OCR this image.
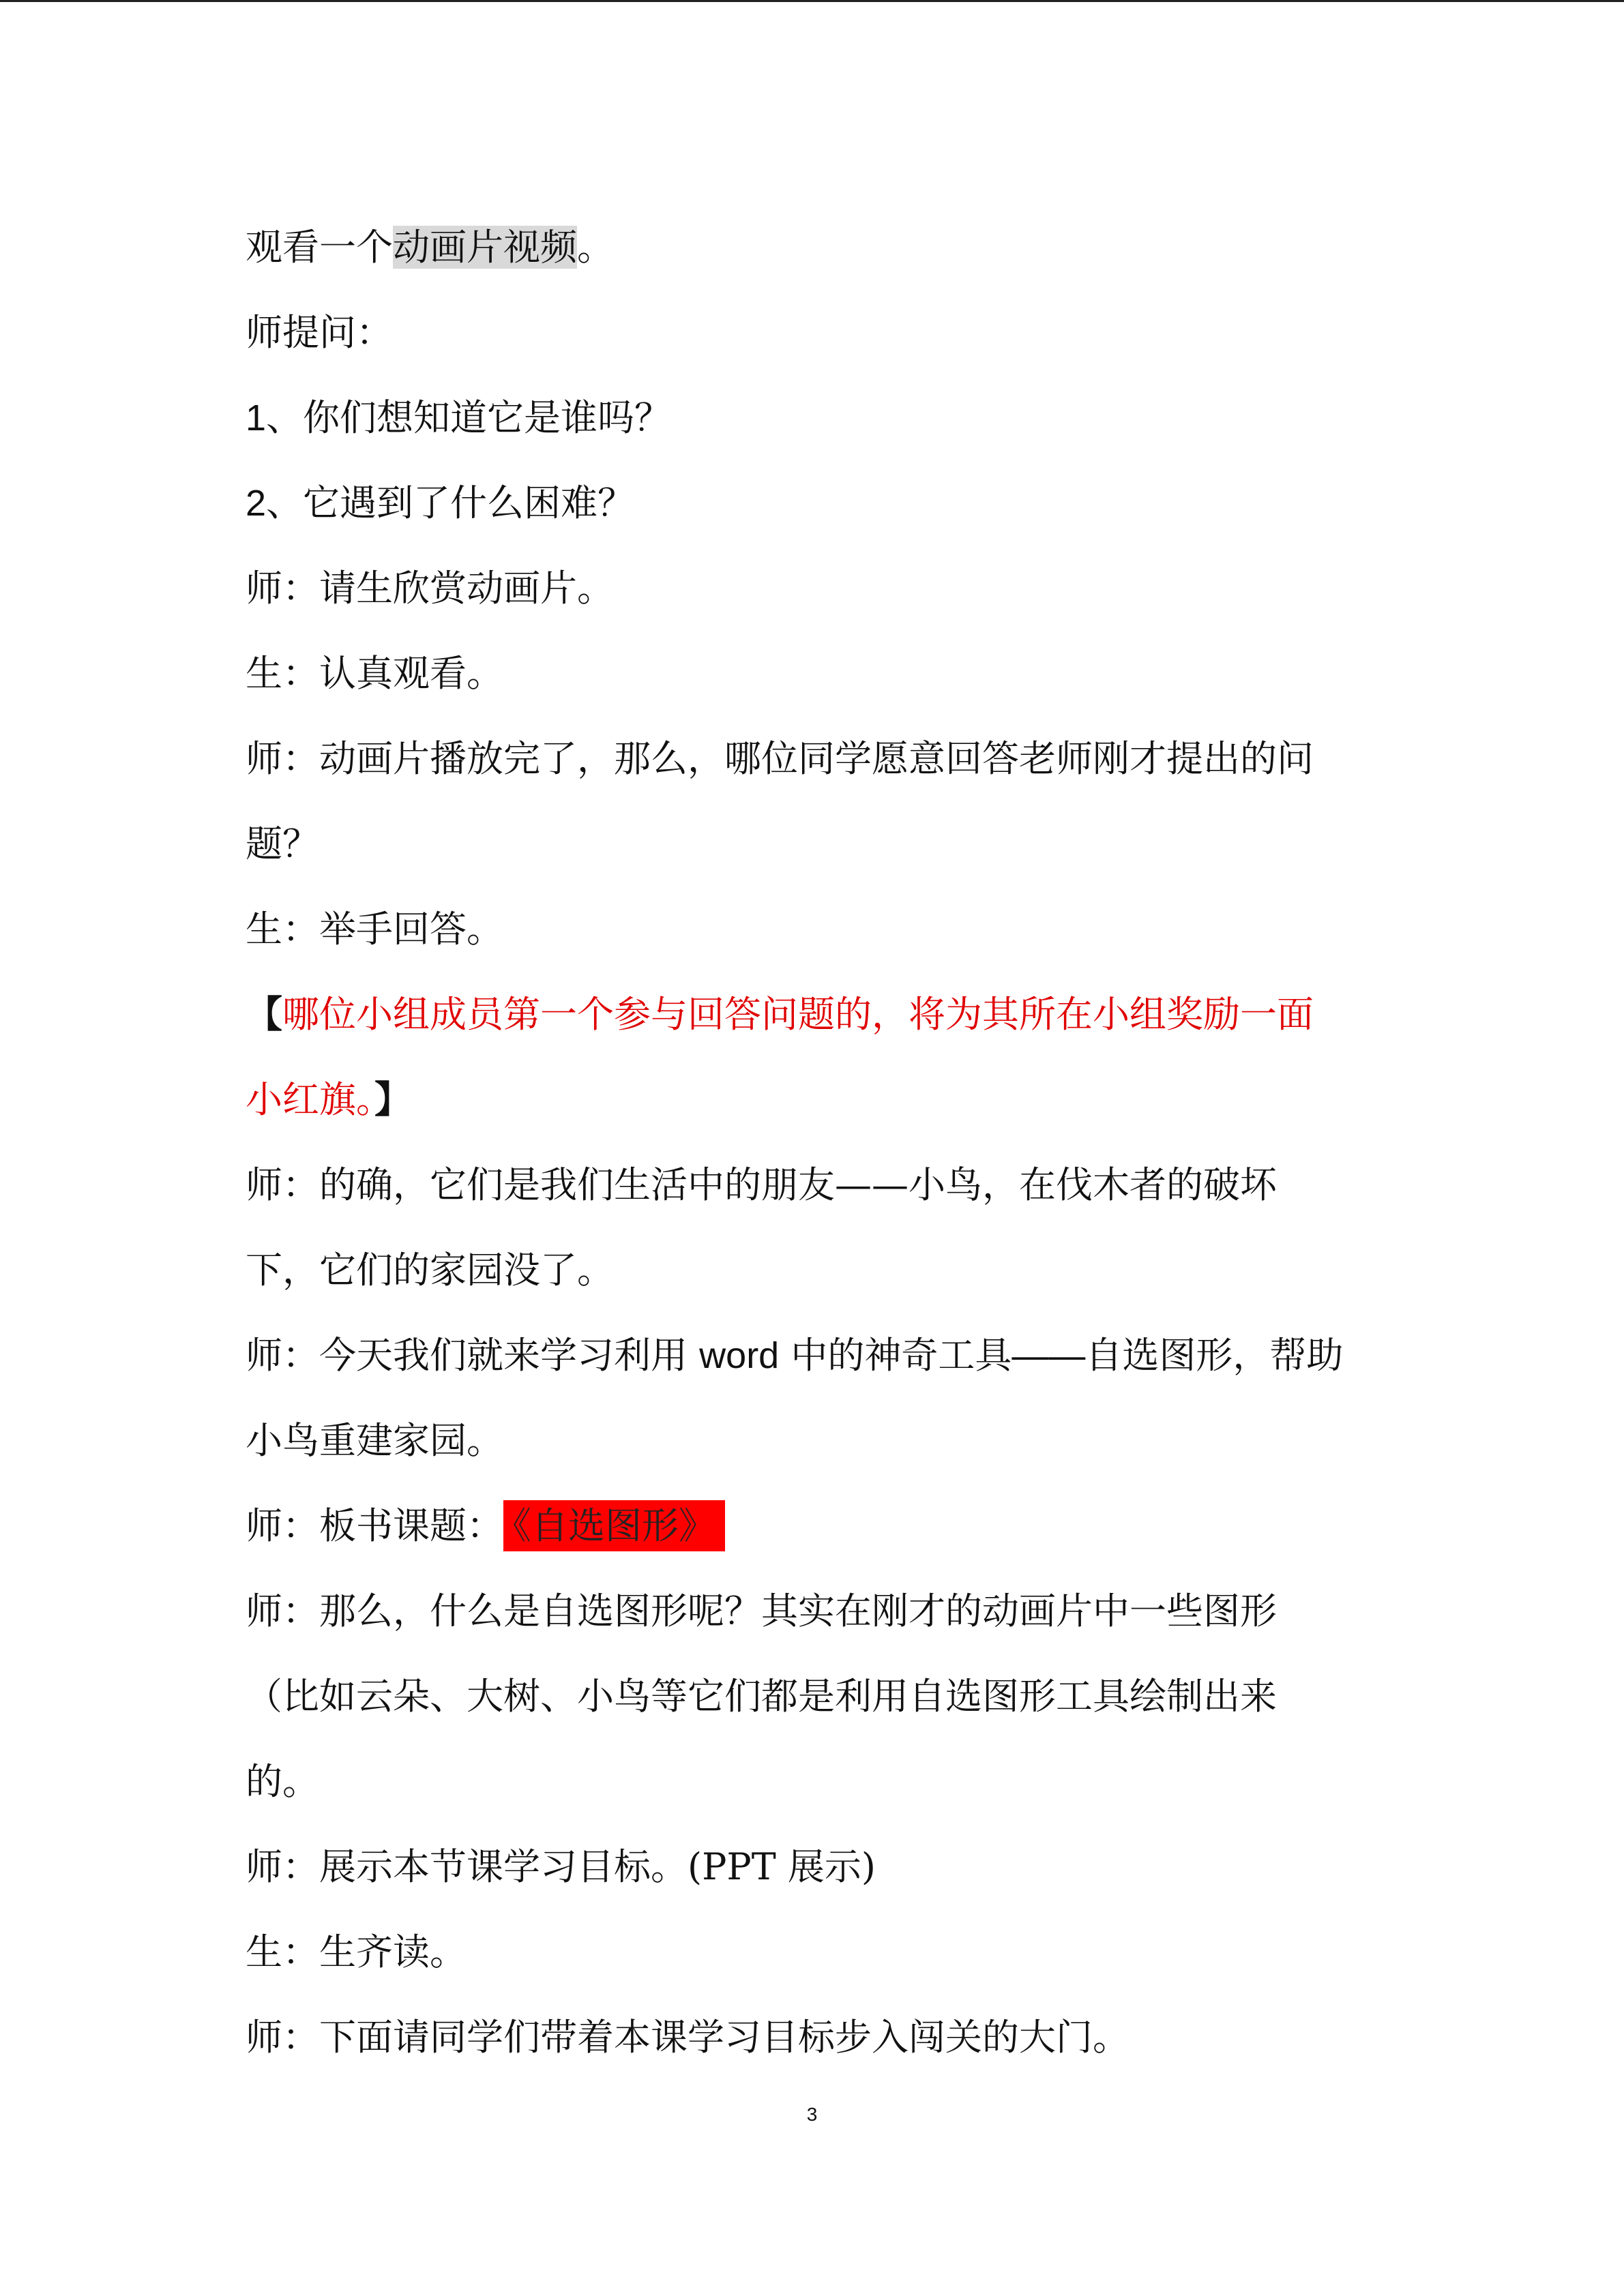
观看一个动画片视频。
师提问：
1、你们想知道它是谁吗？
2、它遇到了什么困难？
师：请生欣赏动画片。
生：认真观看。
师：动画片播放完了，那么，哪位同学愿意回答老师刚才提出的问
题？
生：举手回答。
【哪位小组成员第一个参与回答问题的，将为其所在小组奖励一面
小红旗。】
师：的确，它们是我们生活中的朋友——小鸟，在伐木者的破坏
下，它们的家园没了。
师：今天我们就来学习利用 word 中的神奇工具——自选图形，帮助
小鸟重建家园。
师：板书课题： 《自选图形》
师：那么，什么是自选图形呢？其实在刚才的动画片中一些图形
（比如云朵、大树、小鸟等它们都是利用自选图形工具绘制出来
的。
师：展示本节课学习目标。(PPT 展示)
生：生齐读。
师：下面请同学们带着本课学习目标步入闯关的大门。
3
